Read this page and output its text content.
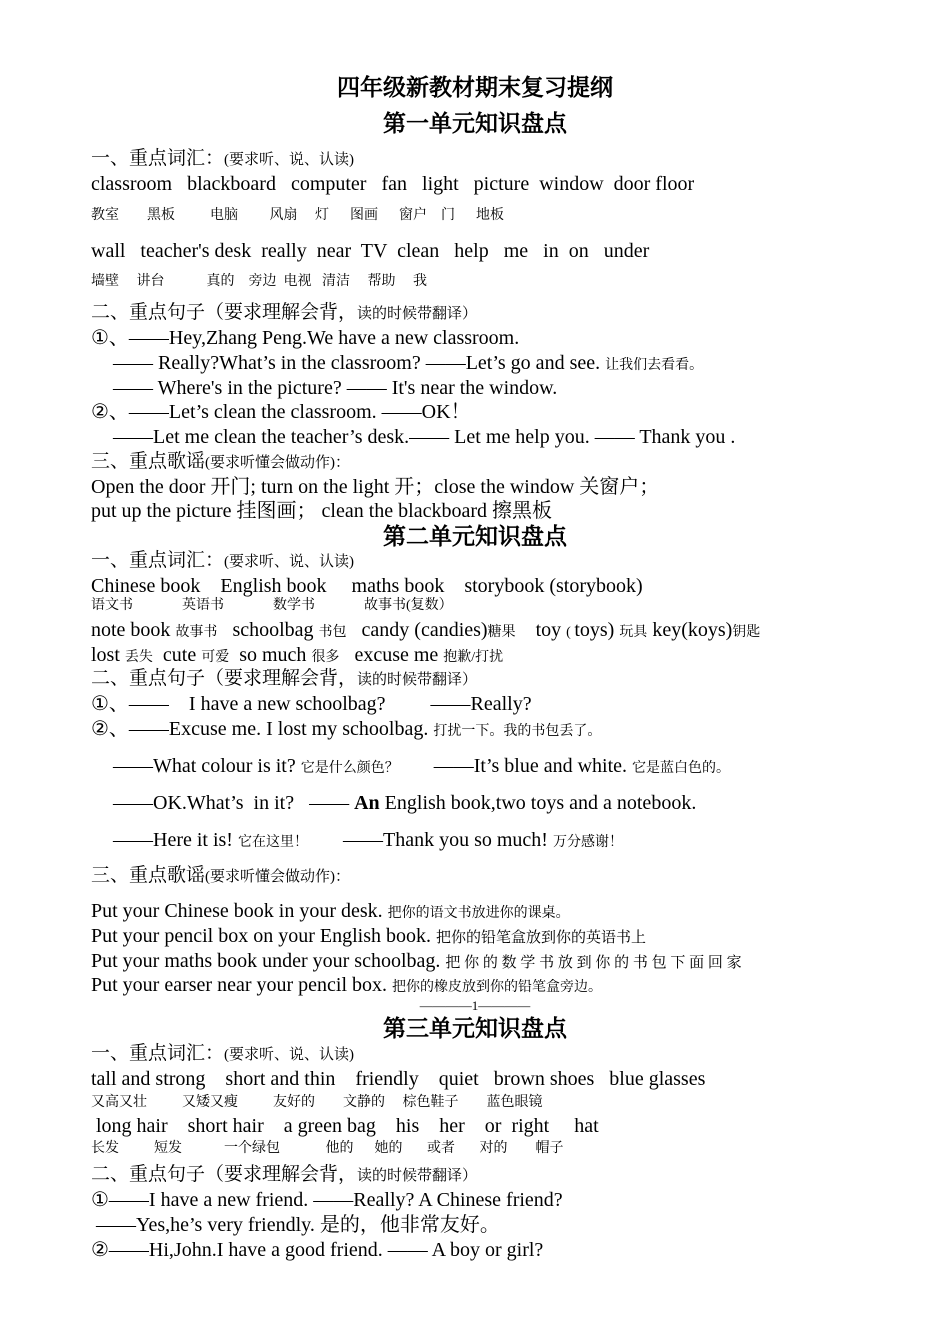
四年级新教材期末复习提纲
第一单元知识盘点
一、重点词汇：(要求听、说、认读)
classroom   blackboard   computer   fan   light   picture  window  door floor
教室        黑板          电脑         风扇     灯      图画      窗户    门      地板
wall   teacher's desk  really  near  TV  clean   help   me   in  on   under
墙壁     讲台            真的    旁边  电视   清洁     帮助     我
二、重点句子（要求理解会背，读的时候带翻译）
①、——Hey,Zhang Peng.We have a new classroom.
—— Really?What’s in the classroom? ——Let’s go and see. 让我们去看看。
—— Where's in the picture? —— It's near the window.
②、——Let’s clean the classroom. ——OK！
——Let me clean the teacher’s desk.—— Let me help you. —— Thank you .
三、重点歌谣(要求听懂会做动作)：
Open the door 开门; turn on the light 开；close the window 关窗户；
put up the picture 挂图画； clean the blackboard 擦黑板
第二单元知识盘点
一、重点词汇：(要求听、说、认读)
Chinese book    English book     maths book    storybook (storybook)
语文书              英语书              数学书              故事书(复数）
note book 故事书   schoolbag 书包   candy (candies)糖果    toy ( toys) 玩具 key(koys)钥匙
lost 丢失  cute 可爱  so much 很多   excuse me 抱歉/打扰
二、重点句子（要求理解会背，读的时候带翻译）
①、——    I have a new schoolbag?         ——Really?
②、——Excuse me. I lost my schoolbag. 打扰一下。我的书包丢了。
——What colour is it? 它是什么颜色？       ——It’s blue and white. 它是蓝白色的。
——OK.What’s  in it?   —— An English book,two toys and a notebook.
——Here it is! 它在这里！       ——Thank you so much! 万分感谢！
三、重点歌谣(要求听懂会做动作)：
Put your Chinese book in your desk. 把你的语文书放进你的课桌。
Put your pencil box on your English book. 把你的铅笔盒放到你的英语书上
Put your maths book under your schoolbag. 把 你 的 数 学 书 放 到 你 的 书 包 下 面 回 家
Put your earser near your pencil box. 把你的橡皮放到你的铅笔盒旁边。
————1————
第三单元知识盘点
一、重点词汇：(要求听、说、认读)
tall and strong    short and thin    friendly    quiet   brown shoes   blue glasses
又高又壮          又矮又瘦          友好的        文静的     棕色鞋子        蓝色眼镜
long hair    short hair    a green bag    his    her    or  right     hat
长发          短发            一个绿包             他的      她的       或者       对的        帽子
二、重点句子（要求理解会背，读的时候带翻译）
①——I have a new friend. ——Really? A Chinese friend?
——Yes,he’s very friendly. 是的，他非常友好。
②——Hi,John.I have a good friend. —— A boy or girl?
